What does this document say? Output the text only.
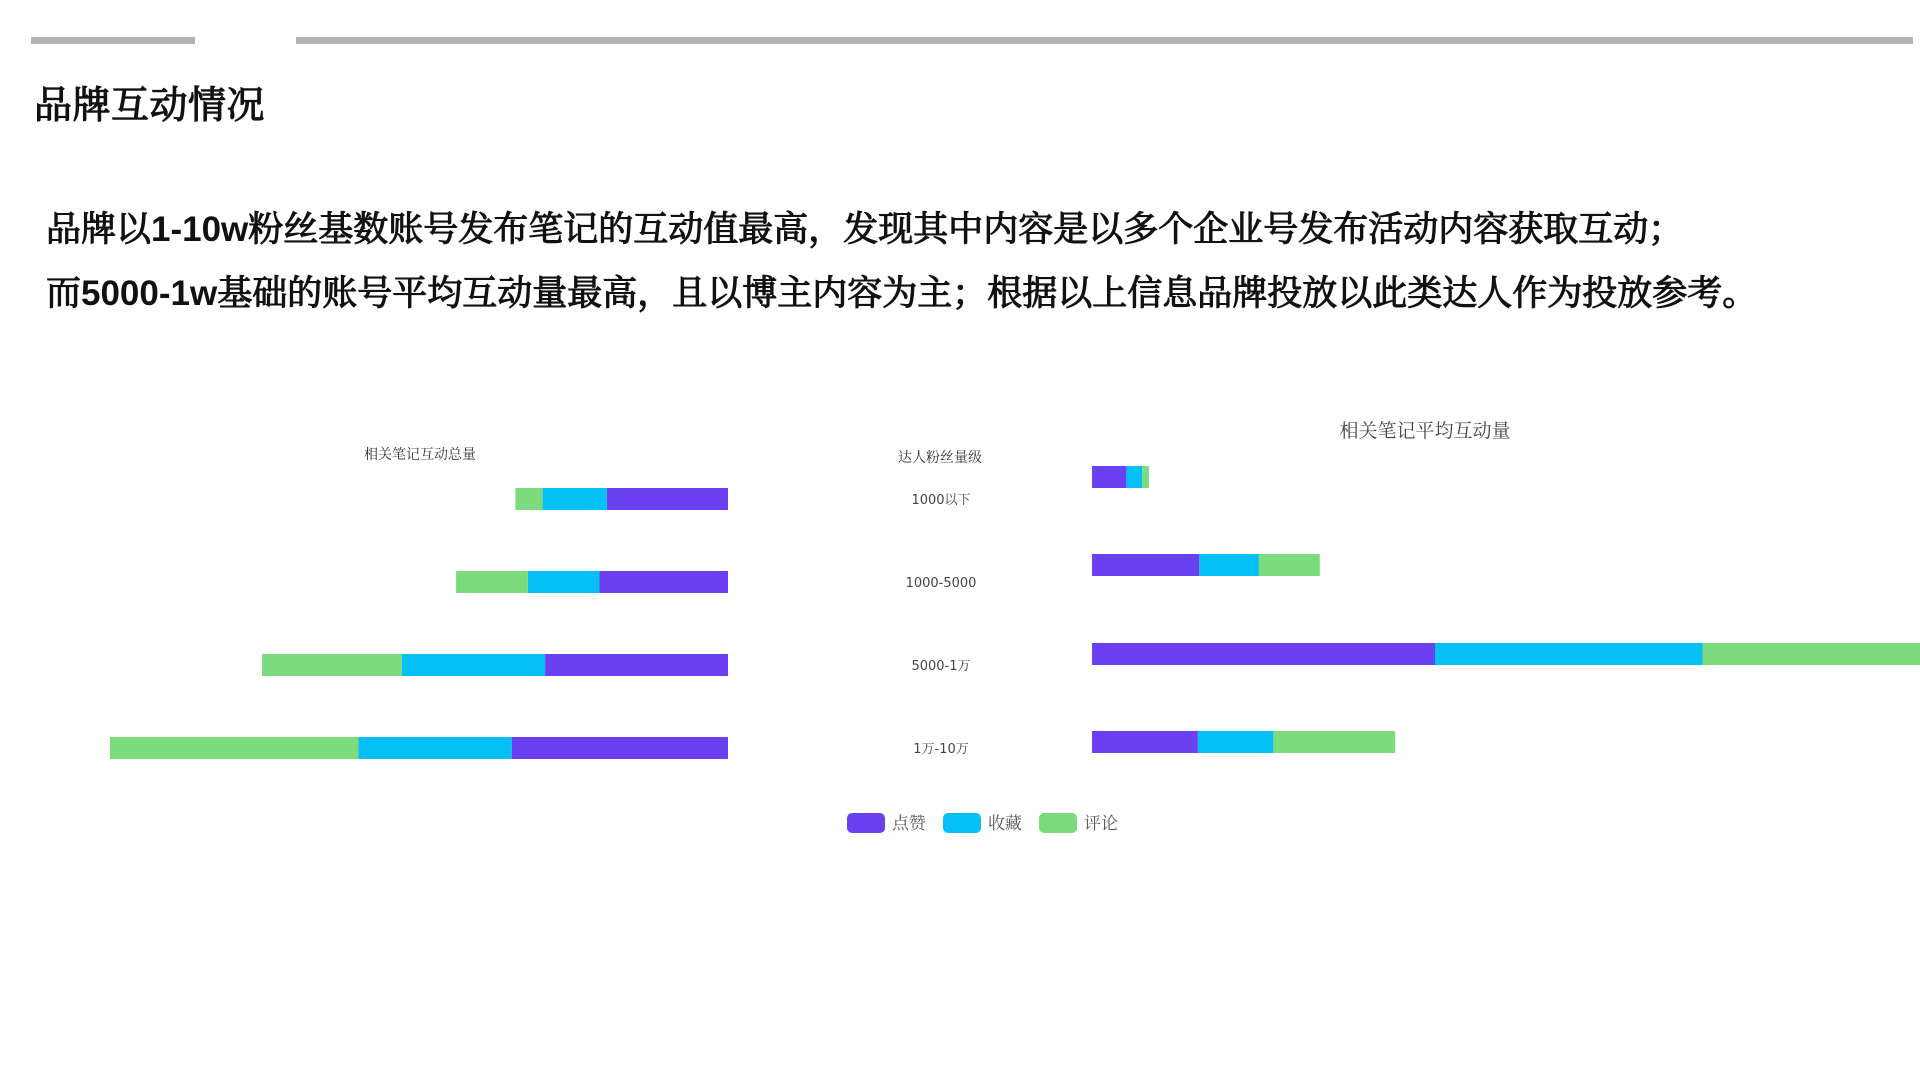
品牌互动情况
品牌以1-10w粉丝基数账号发布笔记的互动值最高，发现其中内容是以多个企业号发布活动内容获取互动；
而5000-1w基础的账号平均互动量最高，且以博主内容为主；根据以上信息品牌投放以此类达人作为投放参考。
相关笔记互动总量	达人粉丝量级
1000以下
1000-5000
5000-1万
1万-10万
相关笔记平均互动量
点赞	收藏	评论
